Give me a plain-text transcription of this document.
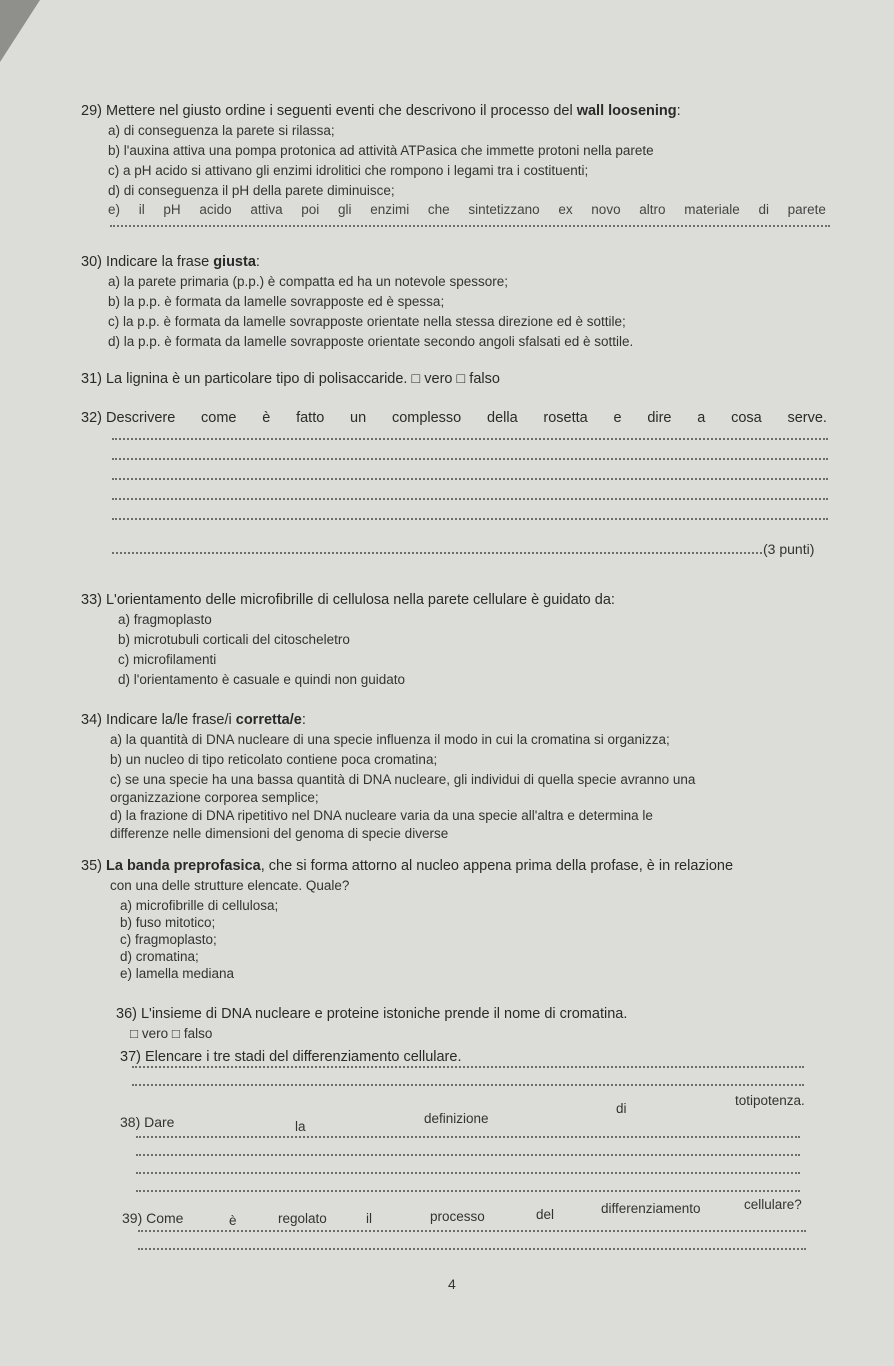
29) Mettere nel giusto ordine i seguenti eventi che descrivono il processo del wall loosening:
a) di conseguenza la parete si rilassa;
b) l'auxina attiva una pompa protonica ad attività ATPasica che immette protoni nella parete
c) a pH acido si attivano gli enzimi idrolitici che rompono i legami tra i costituenti;
d) di conseguenza il pH della parete diminuisce;
e) il pH acido attiva poi gli enzimi che sintetizzano ex novo altro materiale di parete
30) Indicare la frase giusta:
a) la parete primaria (p.p.) è compatta ed ha un notevole spessore;
b) la p.p. è formata da lamelle sovrapposte ed è spessa;
c) la p.p. è formata da lamelle sovrapposte orientate nella stessa direzione ed è sottile;
d) la p.p. è formata da lamelle sovrapposte orientate secondo angoli sfalsati ed è sottile.
31) La lignina è un particolare tipo di polisaccaride. □ vero □ falso
32) Descrivere come è fatto un complesso della rosetta e dire a cosa serve.
(3 punti)
33) L'orientamento delle microfibrille di cellulosa nella parete cellulare è guidato da:
a) fragmoplasto
b) microtubuli corticali del citoscheletro
c) microfilamenti
d) l'orientamento è casuale e quindi non guidato
34) Indicare la/le frase/i corretta/e:
a) la quantità di DNA nucleare di una specie influenza il modo in cui la cromatina si organizza;
b) un nucleo di tipo reticolato contiene poca cromatina;
c) se una specie ha una bassa quantità di DNA nucleare, gli individui di quella specie avranno una
organizzazione corporea semplice;
d) la frazione di DNA ripetitivo nel DNA nucleare varia da una specie all'altra e determina le
differenze nelle dimensioni del genoma di specie diverse
35) La banda preprofasica, che si forma attorno al nucleo appena prima della profase, è in relazione
con una delle strutture elencate. Quale?
a) microfibrille di cellulosa;
b) fuso mitotico;
c) fragmoplasto;
d) cromatina;
e) lamella mediana
36) L'insieme di DNA nucleare e proteine istoniche prende il nome di cromatina.
□ vero □ falso
37) Elencare i tre stadi del differenziamento cellulare.
38) Dare	la
definizione
di
totipotenza.
39) Come	è	regolato	il	processo	del	differenziamento	cellulare?
4
